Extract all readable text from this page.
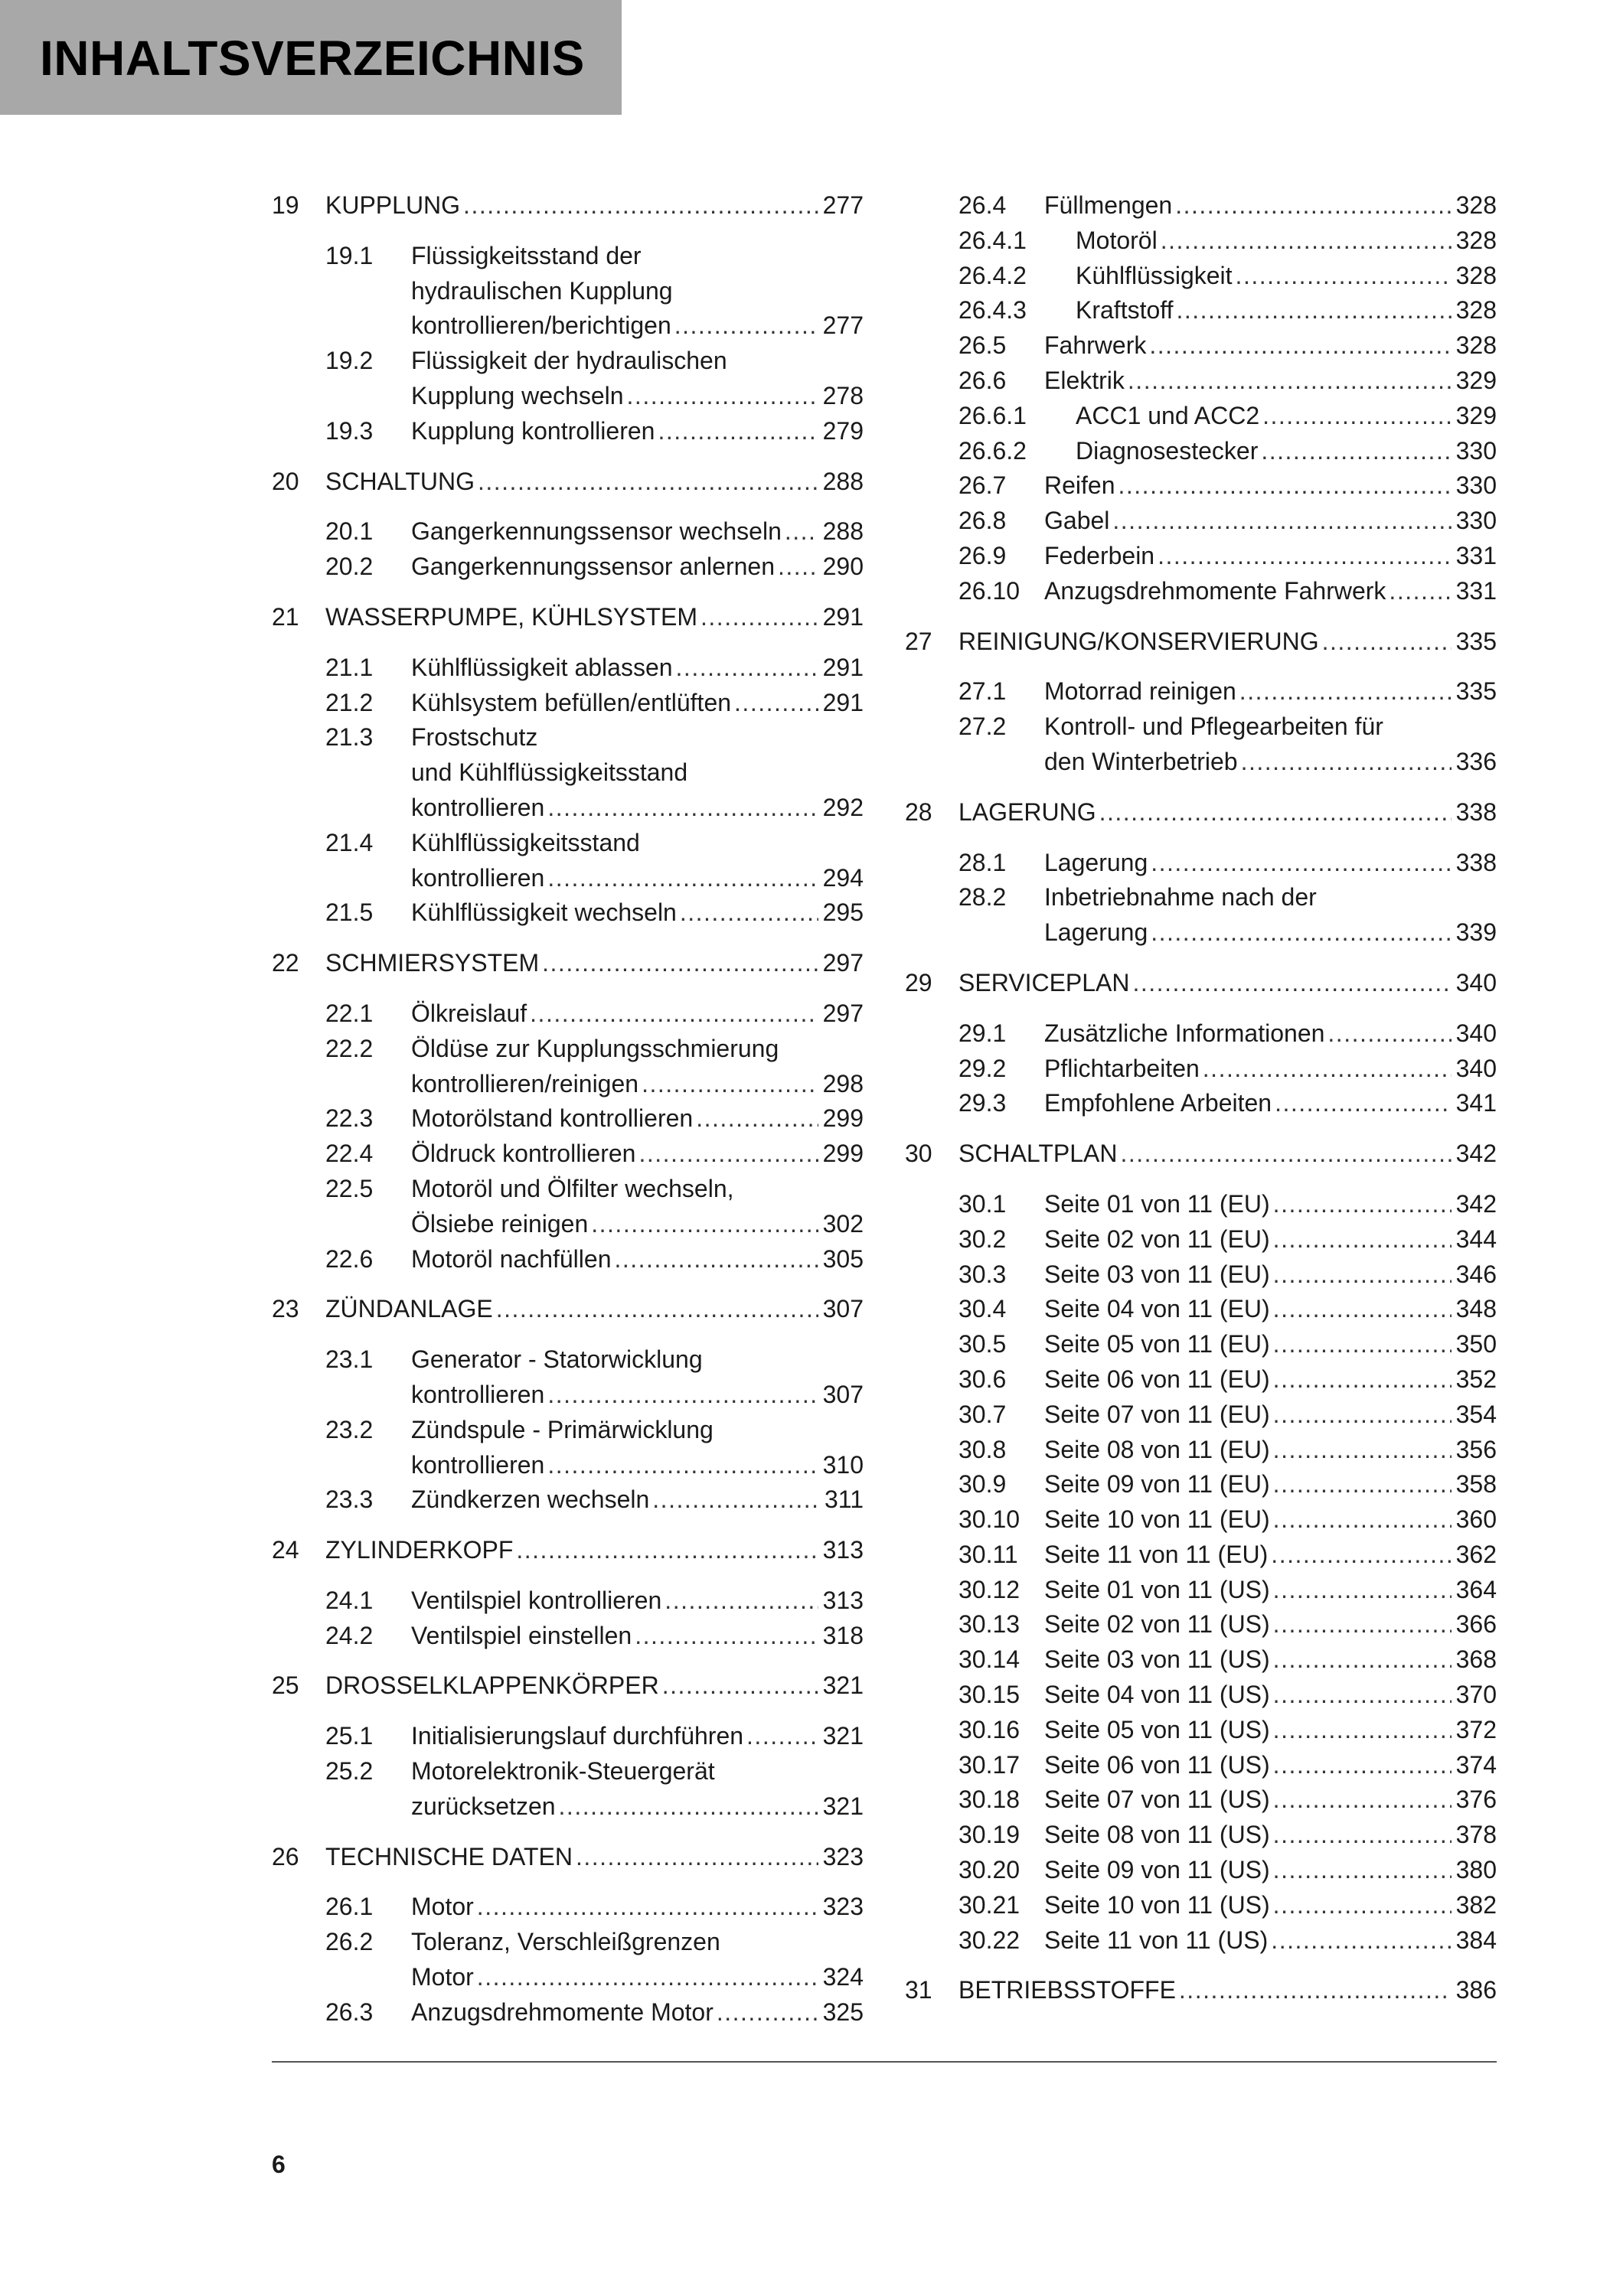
INHALTSVERZEICHNIS
19	KUPPLUNG .....	277
19.1	Flüssigkeitsstand der
hydraulischen Kupplung
kontrollieren/berichtigen .....	277
19.2	Flüssigkeit der hydraulischen
Kupplung wechseln .....	278
19.3	Kupplung kontrollieren .....	279
20	SCHALTUNG .....	288
20.1	Gangerkennungssensor wechseln ..... 288
20.2	Gangerkennungssensor anlernen ..... 290
21	WASSERPUMPE, KÜHLSYSTEM .....	291
21.1	Kühlflüssigkeit ablassen .....	291
21.2	Kühlsystem befüllen/entlüften .....	291
21.3	Frostschutz
und Kühlflüssigkeitsstand
kontrollieren .....	292
21.4	Kühlflüssigkeitsstand
kontrollieren .....	294
21.5	Kühlflüssigkeit wechseln .....	295
22	SCHMIERSYSTEM .....	297
22.1	Ölkreislauf .....	297
22.2	Öldüse zur Kupplungsschmierung
kontrollieren/reinigen .....	298
22.3	Motorölstand kontrollieren .....	299
22.4	Öldruck kontrollieren .....	299
22.5	Motoröl und Ölfilter wechseln,
Ölsiebe reinigen .....	302
22.6	Motoröl nachfüllen .....	305
23	ZÜNDANLAGE .....	307
23.1	Generator - Statorwicklung
kontrollieren .....	307
23.2	Zündspule - Primärwicklung
kontrollieren .....	310
23.3	Zündkerzen wechseln .....	311
24	ZYLINDERKOPF .....	313
24.1	Ventilspiel kontrollieren .....	313
24.2	Ventilspiel einstellen .....	318
25	DROSSELKLAPPENKÖRPER .....	321
25.1	Initialisierungslauf durchführen .....	321
25.2	Motorelektronik-Steuergerät
zurücksetzen .....	321
26	TECHNISCHE DATEN .....	323
26.1	Motor .....	323
26.2	Toleranz, Verschleißgrenzen
Motor .....	324
26.3	Anzugsdrehmomente Motor .....	325
26.4	Füllmengen .....	328
26.4.1	Motoröl .....	328
26.4.2	Kühlflüssigkeit .....	328
26.4.3	Kraftstoff .....	328
26.5	Fahrwerk .....	328
26.6	Elektrik .....	329
26.6.1	ACC1 und ACC2 .....	329
26.6.2	Diagnosestecker .....	330
26.7	Reifen .....	330
26.8	Gabel .....	330
26.9	Federbein .....	331
26.10 Anzugsdrehmomente Fahrwerk .....	331
27	REINIGUNG/KONSERVIERUNG .....	335
27.1	Motorrad reinigen .....	335
27.2	Kontroll- und Pflegearbeiten für
den Winterbetrieb .....	336
28	LAGERUNG .....	338
28.1	Lagerung .....	338
28.2	Inbetriebnahme nach der
Lagerung .....	339
29	SERVICEPLAN .....	340
29.1	Zusätzliche Informationen .....	340
29.2	Pflichtarbeiten .....	340
29.3	Empfohlene Arbeiten .....	341
30	SCHALTPLAN .....	342
30.1	Seite 01 von 11 (EU) .....	342
30.2	Seite 02 von 11 (EU) .....	344
30.3	Seite 03 von 11 (EU) .....	346
30.4	Seite 04 von 11 (EU) .....	348
30.5	Seite 05 von 11 (EU) .....	350
30.6	Seite 06 von 11 (EU) .....	352
30.7	Seite 07 von 11 (EU) .....	354
30.8	Seite 08 von 11 (EU) .....	356
30.9	Seite 09 von 11 (EU) .....	358
30.10 Seite 10 von 11 (EU) .....	360
30.11	Seite 11 von 11 (EU) .....	362
30.12 Seite 01 von 11 (US) .....	364
30.13 Seite 02 von 11 (US) .....	366
30.14 Seite 03 von 11 (US) .....	368
30.15 Seite 04 von 11 (US) .....	370
30.16 Seite 05 von 11 (US) .....	372
30.17 Seite 06 von 11 (US) .....	374
30.18 Seite 07 von 11 (US) .....	376
30.19 Seite 08 von 11 (US) .....	378
30.20 Seite 09 von 11 (US) .....	380
30.21 Seite 10 von 11 (US) .....	382
30.22 Seite 11 von 11 (US) .....	384
31	BETRIEBSSTOFFE .....	386
6
